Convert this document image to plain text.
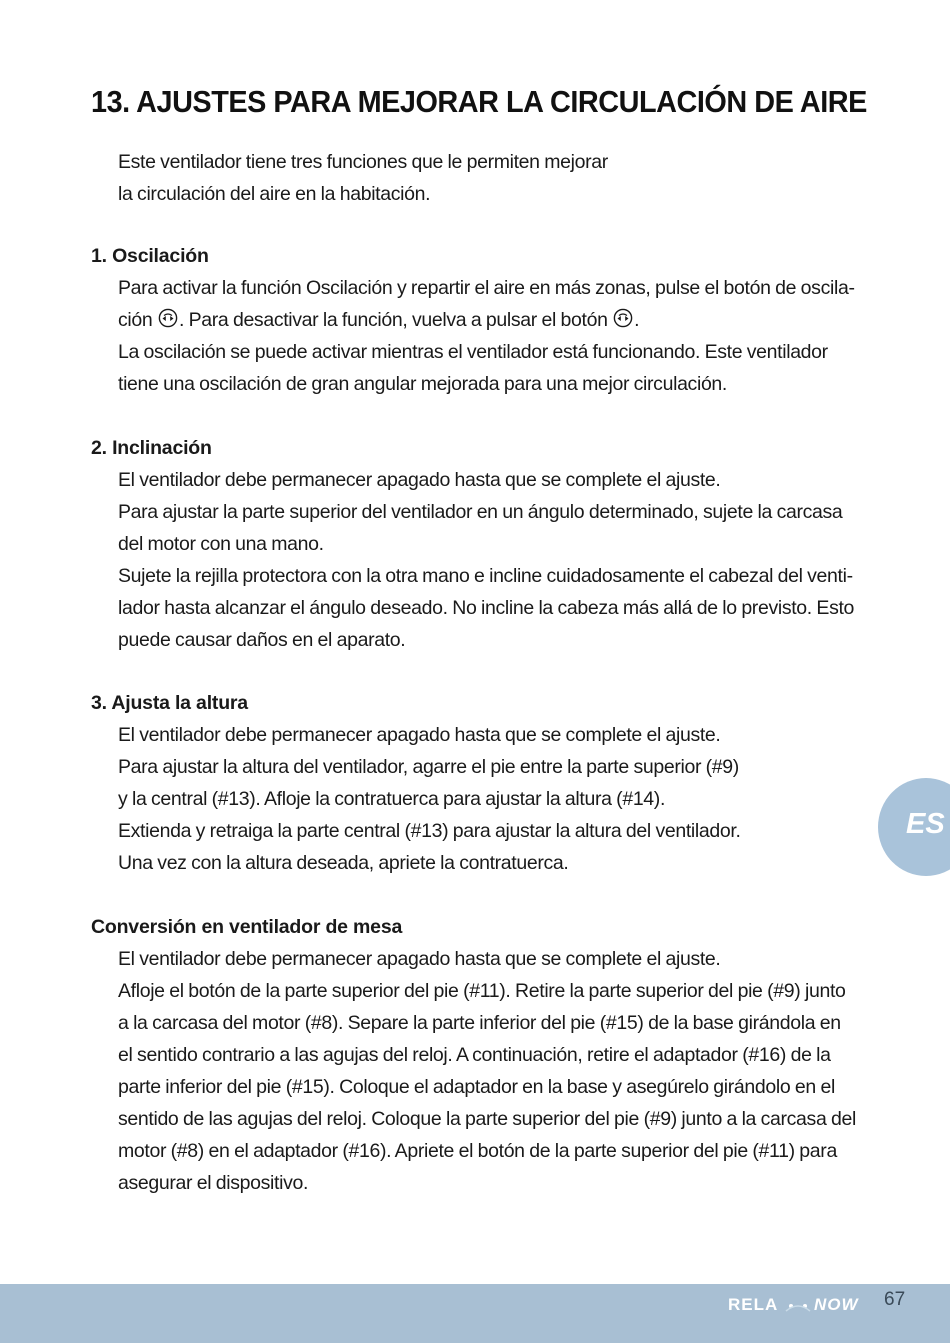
13. AJUSTES PARA MEJORAR LA CIRCULACIÓN DE AIRE

Este ventilador tiene tres funciones que le permiten mejorar

la circulación del aire en la habitación.

1. Oscilación

Para activar la función Oscilación y repartir el aire en más zonas, pulse el botón de oscila-

ción . Para desactivar la función, vuelva a pulsar el botón .

La oscilación se puede activar mientras el ventilador está funcionando. Este ventilador

tiene una oscilación de gran angular mejorada para una mejor circulación.

2. Inclinación

El ventilador debe permanecer apagado hasta que se complete el ajuste.

Para ajustar la parte superior del ventilador en un ángulo determinado, sujete la carcasa

del motor con una mano.

Sujete la rejilla protectora con la otra mano e incline cuidadosamente el cabezal del venti-

lador hasta alcanzar el ángulo deseado. No incline la cabeza más allá de lo previsto. Esto

puede causar daños en el aparato.

3. Ajusta la altura

El ventilador debe permanecer apagado hasta que se complete el ajuste.

Para ajustar la altura del ventilador, agarre el pie entre la parte superior (#9)

y la central (#13). Afloje la contratuerca para ajustar la altura (#14).

Extienda y retraiga la parte central (#13) para ajustar la altura del ventilador.

Una vez con la altura deseada, apriete la contratuerca.

Conversión en ventilador de mesa

El ventilador debe permanecer apagado hasta que se complete el ajuste.

Afloje el botón de la parte superior del pie (#11). Retire la parte superior del pie (#9) junto

a la carcasa del motor (#8). Separe la parte inferior del pie (#15) de la base girándola en

el sentido contrario a las agujas del reloj. A continuación, retire el adaptador (#16) de la

parte inferior del pie (#15). Coloque el adaptador en la base y asegúrelo girándolo en el

sentido de las agujas del reloj. Coloque la parte superior del pie (#9) junto a la carcasa del

motor (#8) en el adaptador (#16). Apriete el botón de la parte superior del pie (#11) para

asegurar el dispositivo.

ES
RELA NOW 67
